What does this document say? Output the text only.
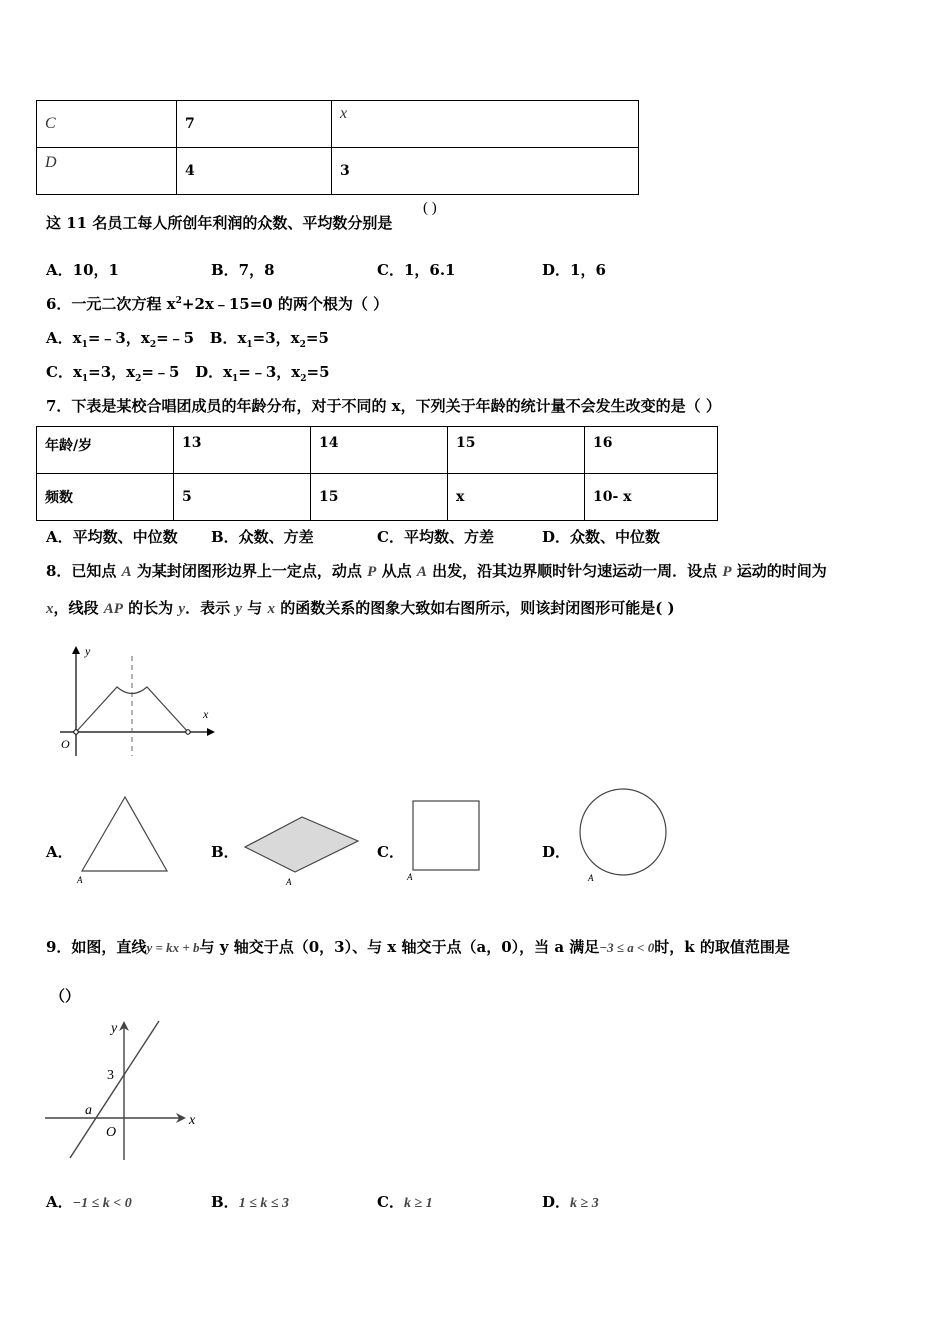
C	7	x
D	4	3
这 11 名员工每人所创年利润的众数、平均数分别是
( )
A．10，1	B．7，8	C．1，6.1	D．1，6
6．一元二次方程 $x^2+2x﹣15=0$ 的两个根为（ ）
A．$x_1=﹣3$，$x_2=﹣5$ B．$x_1=3$，$x_2=5$
C．$x_1=3$，$x_2=﹣5$ D．$x_1=﹣3$，$x_2=5$
7．下表是某校合唱团成员的年龄分布，对于不同的 x，下列关于年龄的统计量不会发生改变的是（ ）
年龄/岁	13	14	15	16
频数	5	15	x	10- x
A．平均数、中位数 B．众数、方差	C．平均数、方差	D．众数、中位数
8．已知点 A 为某封闭图形边界上一定点，动点 P 从点 A 出发，沿其边界顺时针匀速运动一周．设点 P 运动的时间为
x，线段 AP 的长为 y．表示 y 与 x 的函数关系的图象大致如右图所示，则该封闭图形可能是( )
y
x
O
A．
A
B．
A
C．
A
D．
A
9．如图，直线y = kx + b与 y 轴交于点（0，3）、与 x 轴交于点（a，0），当 a 满足−3 ≤ a < 0时，k 的取值范围是
（）
y
x
O
3
a
A．−1 ≤ k < 0	B．1 ≤ k ≤ 3	C．k ≥ 1	D．k ≥ 3
